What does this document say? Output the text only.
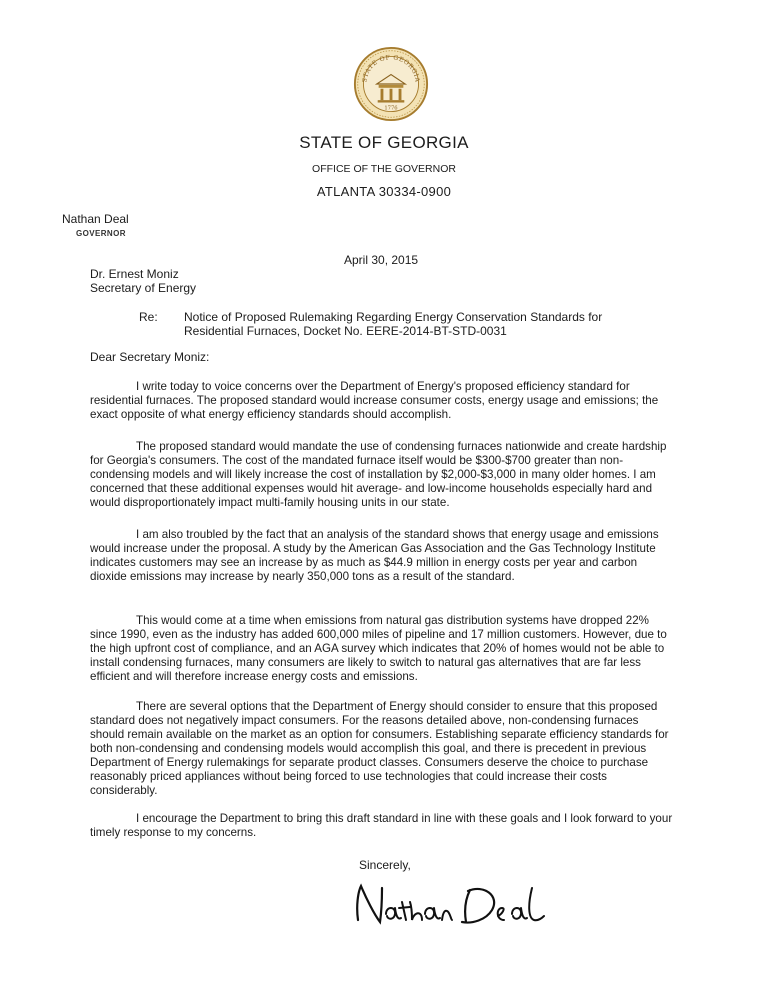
STATE OF GEORGIA
1776
STATE OF GEORGIA
OFFICE OF THE GOVERNOR
ATLANTA 30334-0900
Nathan Deal
GOVERNOR
April 30, 2015
Dr. Ernest Moniz
Secretary of Energy
Re: Notice of Proposed Rulemaking Regarding Energy Conservation Standards for Residential Furnaces, Docket No. EERE-2014-BT-STD-0031
Dear Secretary Moniz:

I write today to voice concerns over the Department of Energy's proposed efficiency standard for residential furnaces. The proposed standard would increase consumer costs, energy usage and emissions; the exact opposite of what energy efficiency standards should accomplish.

The proposed standard would mandate the use of condensing furnaces nationwide and create hardship for Georgia's consumers. The cost of the mandated furnace itself would be $300-$700 greater than non-condensing models and will likely increase the cost of installation by $2,000-$3,000 in many older homes. I am concerned that these additional expenses would hit average- and low-income households especially hard and would disproportionately impact multi-family housing units in our state.

I am also troubled by the fact that an analysis of the standard shows that energy usage and emissions would increase under the proposal. A study by the American Gas Association and the Gas Technology Institute indicates customers may see an increase by as much as $44.9 million in energy costs per year and carbon dioxide emissions may increase by nearly 350,000 tons as a result of the standard.

This would come at a time when emissions from natural gas distribution systems have dropped 22% since 1990, even as the industry has added 600,000 miles of pipeline and 17 million customers. However, due to the high upfront cost of compliance, and an AGA survey which indicates that 20% of homes would not be able to install condensing furnaces, many consumers are likely to switch to natural gas alternatives that are far less efficient and will therefore increase energy costs and emissions.

There are several options that the Department of Energy should consider to ensure that this proposed standard does not negatively impact consumers. For the reasons detailed above, non-condensing furnaces should remain available on the market as an option for consumers. Establishing separate efficiency standards for both non-condensing and condensing models would accomplish this goal, and there is precedent in previous Department of Energy rulemakings for separate product classes. Consumers deserve the choice to purchase reasonably priced appliances without being forced to use technologies that could increase their costs considerably.

I encourage the Department to bring this draft standard in line with these goals and I look forward to your timely response to my concerns.

Sincerely,
